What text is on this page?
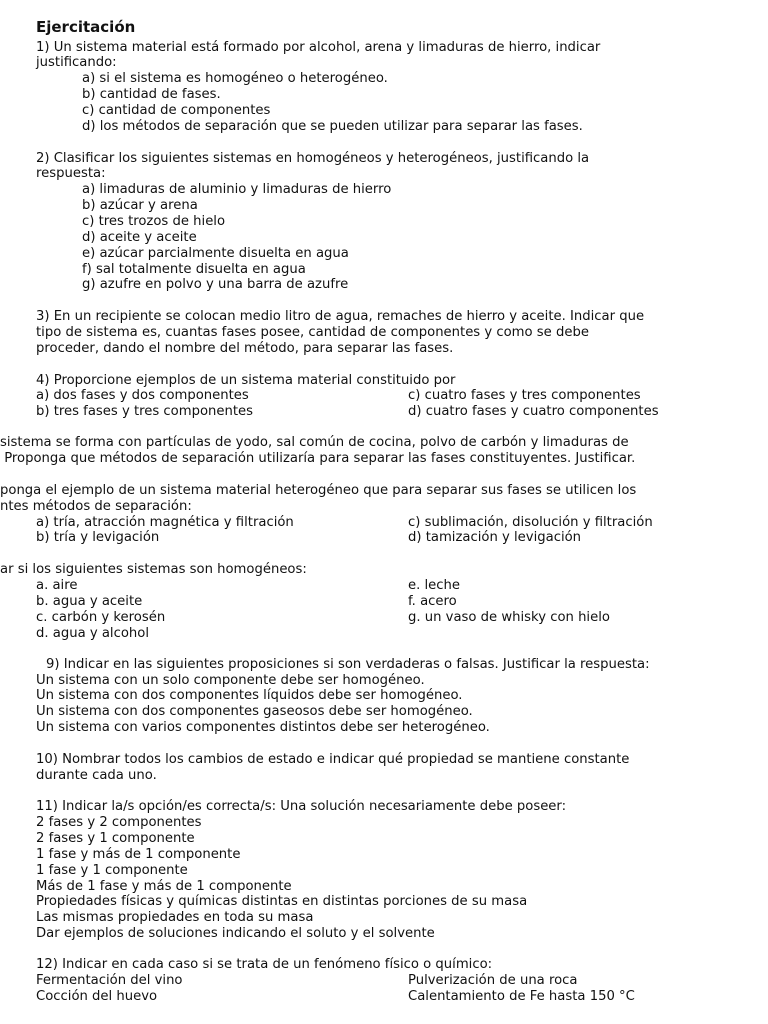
Ejercitación
1) Un sistema material está formado por alcohol, arena y limaduras de hierro, indicar
justificando:
a) si el sistema es homogéneo o heterogéneo.
b) cantidad de fases.
c) cantidad de componentes
d) los métodos de separación que se pueden utilizar para separar las fases.
2) Clasificar los siguientes sistemas en homogéneos y heterogéneos, justificando la
respuesta:
a) limaduras de aluminio y limaduras de hierro
b) azúcar y arena
c) tres trozos de hielo
d) aceite y aceite
e) azúcar parcialmente disuelta en agua
f) sal totalmente disuelta en agua
g) azufre en polvo y una barra de azufre
3) En un recipiente se colocan medio litro de agua, remaches de hierro y aceite. Indicar que
tipo de sistema es, cuantas fases posee, cantidad de componentes y como se debe
proceder, dando el nombre del método, para separar las fases.
4) Proporcione ejemplos de un sistema material constituido por
a) dos fases y dos componentes	c) cuatro fases y tres componentes
b) tres fases y tres componentes	d) cuatro fases y cuatro componentes
sistema se forma con partículas de yodo, sal común de cocina, polvo de carbón y limaduras de
Proponga que métodos de separación utilizaría para separar las fases constituyentes. Justificar.
ponga el ejemplo de un sistema material heterogéneo que para separar sus fases se utilicen los
ntes métodos de separación:
a) tría, atracción magnética y filtración	c) sublimación, disolución y filtración
b) tría y levigación	d) tamización y levigación
ar si los siguientes sistemas son homogéneos:
a. aire	e. leche
b. agua y aceite	f. acero
c. carbón y kerosén	g. un vaso de whisky con hielo
d. agua y alcohol
9) Indicar en las siguientes proposiciones si son verdaderas o falsas. Justificar la respuesta:
Un sistema con un solo componente debe ser homogéneo.
Un sistema con dos componentes líquidos debe ser homogéneo.
Un sistema con dos componentes gaseosos debe ser homogéneo.
Un sistema con varios componentes distintos debe ser heterogéneo.
10) Nombrar todos los cambios de estado e indicar qué propiedad se mantiene constante
durante cada uno.
11) Indicar la/s opción/es correcta/s: Una solución necesariamente debe poseer:
2 fases y 2 componentes
2 fases y 1 componente
1 fase y más de 1 componente
1 fase y 1 componente
Más de 1 fase y más de 1 componente
Propiedades físicas y químicas distintas en distintas porciones de su masa
Las mismas propiedades en toda su masa
Dar ejemplos de soluciones indicando el soluto y el solvente
12) Indicar en cada caso si se trata de un fenómeno físico o químico:
Fermentación del vino	Pulverización de una roca
Cocción del huevo	Calentamiento de Fe hasta 150 °C
